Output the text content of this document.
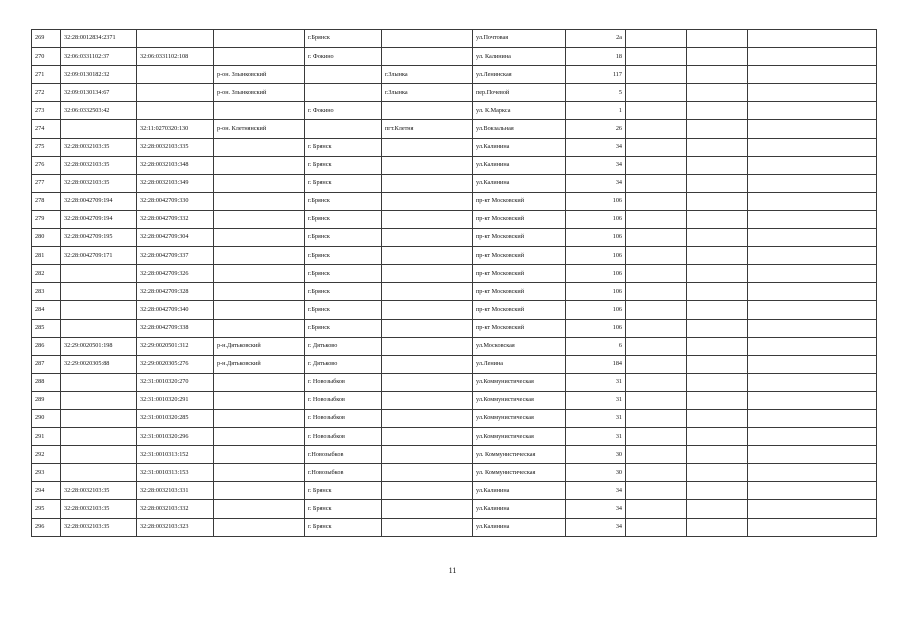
269	32:28:0012834:2371			г.Брянск		ул.Почтовая	2а			
270	32:06:0331102:37	32:06:0331102:108		г. Фокино		ул. Калинина	18			
271	32:09:0130182:32		р-он. Злынковский		г.Злынка	ул.Ленинская	117			
272	32:09:0130134:67		р-он. Злынковский		г.Злынка	пер.Почевой	5			
273	32:06:0332503:42			г. Фокино		ул. К.Маркса	1			
274		32:11:0270320:130	р-он. Клетнянский		пгт.Клетня	ул.Вокзальная	26			
275	32:28:0032103:35	32:28:0032103:335		г. Брянск		ул.Калинина	34			
276	32:28:0032103:35	32:28:0032103:348		г. Брянск		ул.Калинина	34			
277	32:28:0032103:35	32:28:0032103:349		г. Брянск		ул.Калинина	34			
278	32:28:0042709:194	32:28:0042709:330		г.Брянск		пр-кт Московский	106			
279	32:28:0042709:194	32:28:0042709:332		г.Брянск		пр-кт Московский	106			
280	32:28:0042709:195	32:28:0042709:304		г.Брянск		пр-кт Московский	106			
281	32:28:0042709:171	32:28:0042709:337		г.Брянск		пр-кт Московский	106			
282		32:28:0042709:326		г.Брянск		пр-кт Московский	106			
283		32:28:0042709:328		г.Брянск		пр-кт Московский	106			
284		32:28:0042709:340		г.Брянск		пр-кт Московский	106			
285		32:28:0042709:338		г.Брянск		пр-кт Московский	106			
286	32:29:0020501:198	32:29:0020501:312	р-н.Дятьковский	г. Дятьково		ул.Московская	6			
287	32:29:0020305:88	32:29:0020305:276	р-н.Дятьковский	г. Дятьково		ул.Ленина	184			
288		32:31:0010320:270		г. Новозыбков		ул.Коммунистическая	31			
289		32:31:0010320:291		г. Новозыбков		ул.Коммунистическая	31			
290		32:31:0010320:285		г. Новозыбков		ул.Коммунистическая	31			
291		32:31:0010320:296		г. Новозыбков		ул.Коммунистическая	31			
292		32:31:0010313:152		г.Новозыбков		ул. Коммунистическая	30			
293		32:31:0010313:153		г.Новозыбков		ул. Коммунистическая	30			
294	32:28:0032103:35	32:28:0032103:331		г. Брянск		ул.Калинина	34			
295	32:28:0032103:35	32:28:0032103:332		г. Брянск		ул.Калинина	34			
296	32:28:0032103:35	32:28:0032103:323		г. Брянск		ул.Калинина	34			
11
